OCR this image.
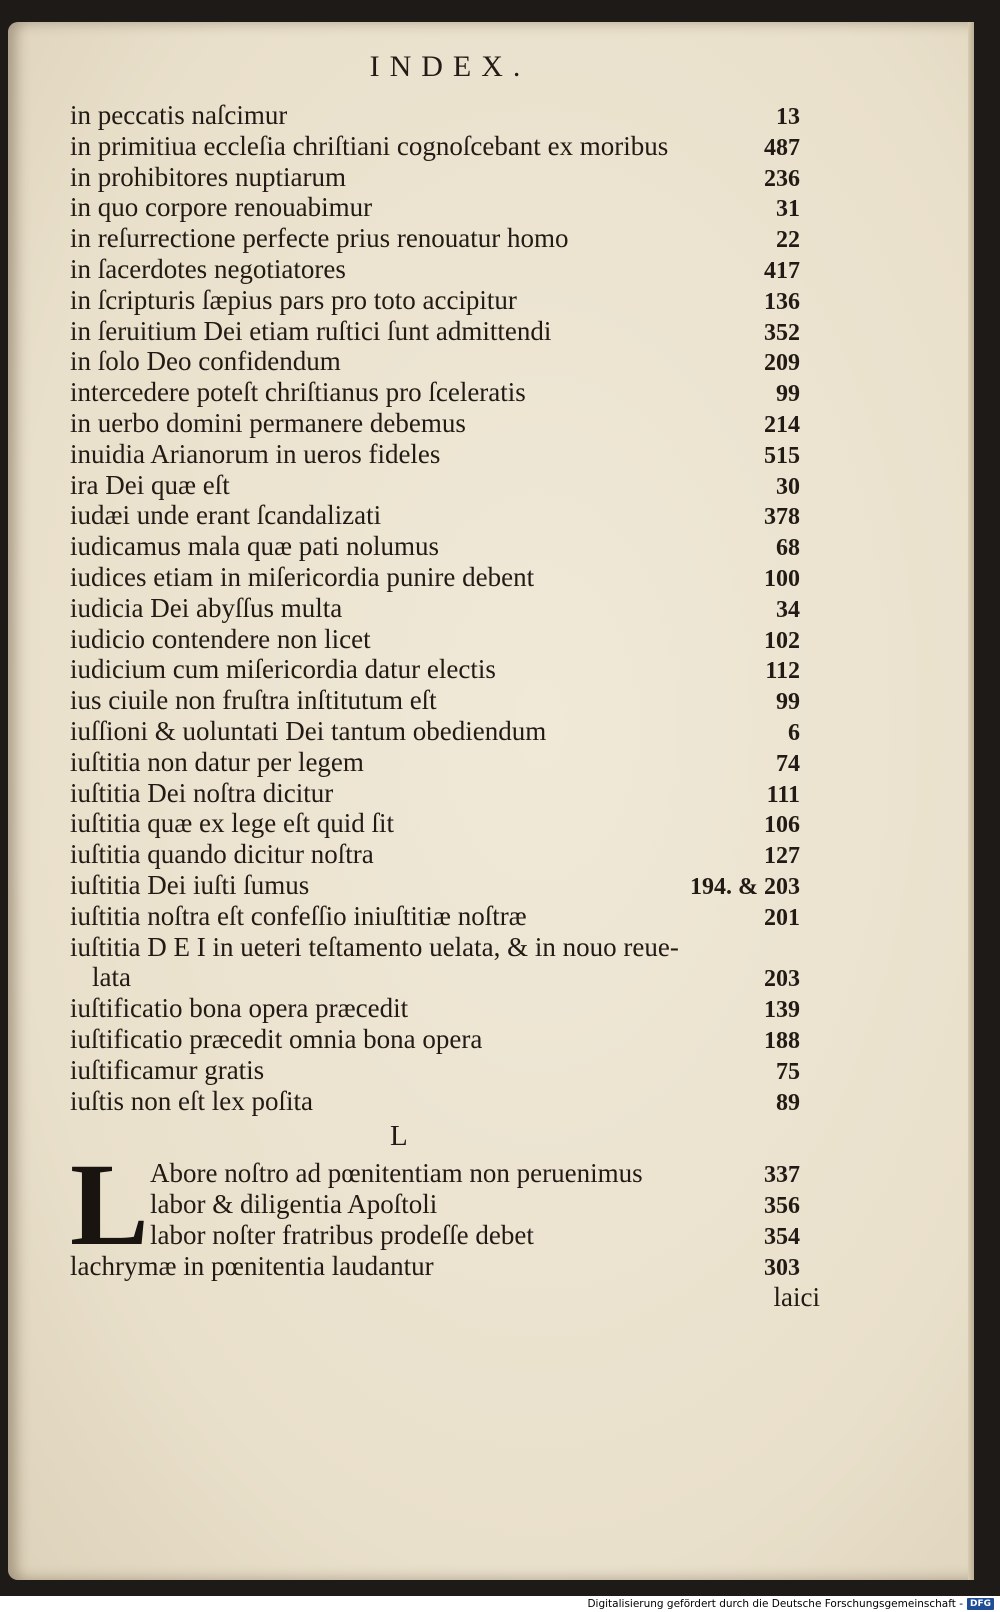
INDEX.
in peccatis naſcimur	13
in primitiua eccleſia chriſtiani cognoſcebant ex moribus	487
in prohibitores nuptiarum	236
in quo corpore renouabimur	31
in reſurrectione perfecte prius renouatur homo	22
in ſacerdotes negotiatores	417
in ſcripturis ſæpius pars pro toto accipitur	136
in ſeruitium Dei etiam ruſtici ſunt admittendi	352
in ſolo Deo confidendum	209
intercedere poteſt chriſtianus pro ſceleratis	99
in uerbo domini permanere debemus	214
inuidia Arianorum in ueros fideles	515
ira Dei quæ eſt	30
iudæi unde erant ſcandalizati	378
iudicamus mala quæ pati nolumus	68
iudices etiam in miſericordia punire debent	100
iudicia Dei abyſſus multa	34
iudicio contendere non licet	102
iudicium cum miſericordia datur electis	112
ius ciuile non fruſtra inſtitutum eſt	99
iuſſioni & uoluntati Dei tantum obediendum	6
iuſtitia non datur per legem	74
iuſtitia Dei noſtra dicitur	111
iuſtitia quæ ex lege eſt quid ſit	106
iuſtitia quando dicitur noſtra	127
iuſtitia Dei iuſti ſumus	194. & 203
iuſtitia noſtra eſt confeſſio iniuſtitiæ noſtræ	201
iuſtitia D E I in ueteri teſtamento uelata, & in nouo reue-
lata	203
iuſtificatio bona opera præcedit	139
iuſtificatio præcedit omnia bona opera	188
iuſtificamur gratis	75
iuſtis non eſt lex poſita	89
L
L Abore noſtro ad pœnitentiam non peruenimus	337
labor & diligentia Apoſtoli	356
labor noſter fratribus prodeſſe debet	354
lachrymæ in pœnitentia laudantur	303
laici
Digitalisierung gefördert durch die Deutsche Forschungsgemeinschaft - DFG
